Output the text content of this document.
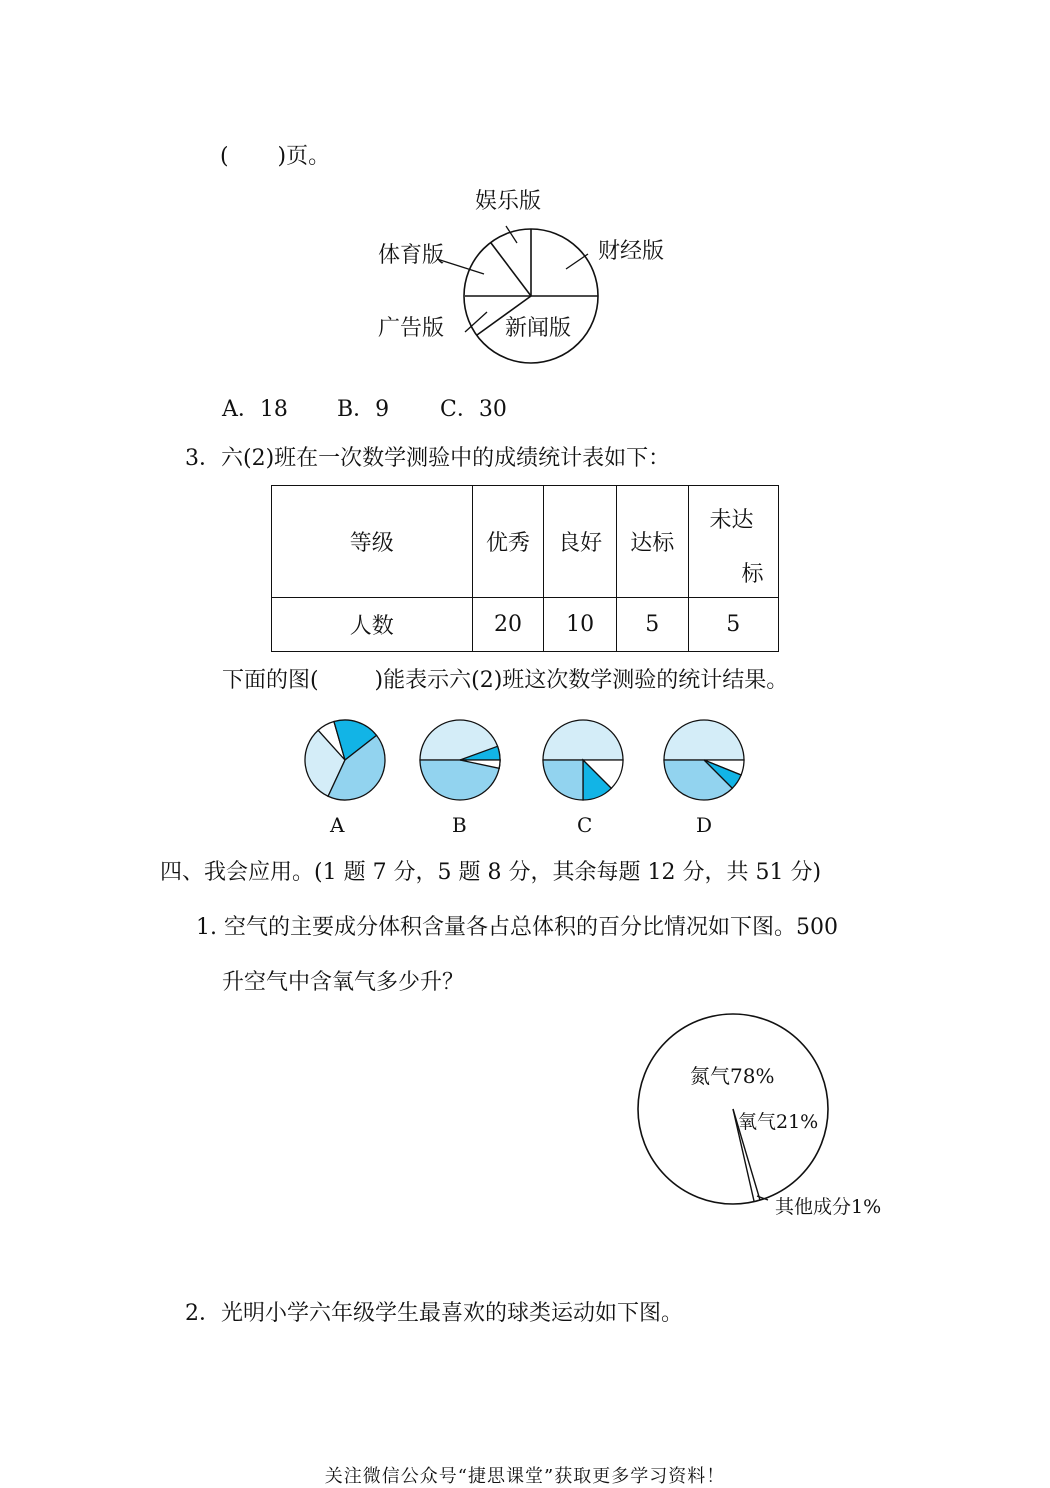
(       )页。
娱乐版
体育版	财经版
广告版	新闻版
A．18 B．9 C．30
3．六(2)班在一次数学测验中的成绩统计表如下：
等级	优秀	良好	达标	未达
标

人数	20	10	5	5
下面的图(        )能表示六(2)班这次数学测验的统计结果。
A	B	C	D
四、我会应用。(1 题 7 分，5 题 8 分，其余每题 12 分，共 51 分)
1. 空气的主要成分体积含量各占总体积的百分比情况如下图。500
升空气中含氧气多少升？
氮气78%
氧气21%
其他成分1%
2．光明小学六年级学生最喜欢的球类运动如下图。
关注微信公众号“捷思课堂”获取更多学习资料！
